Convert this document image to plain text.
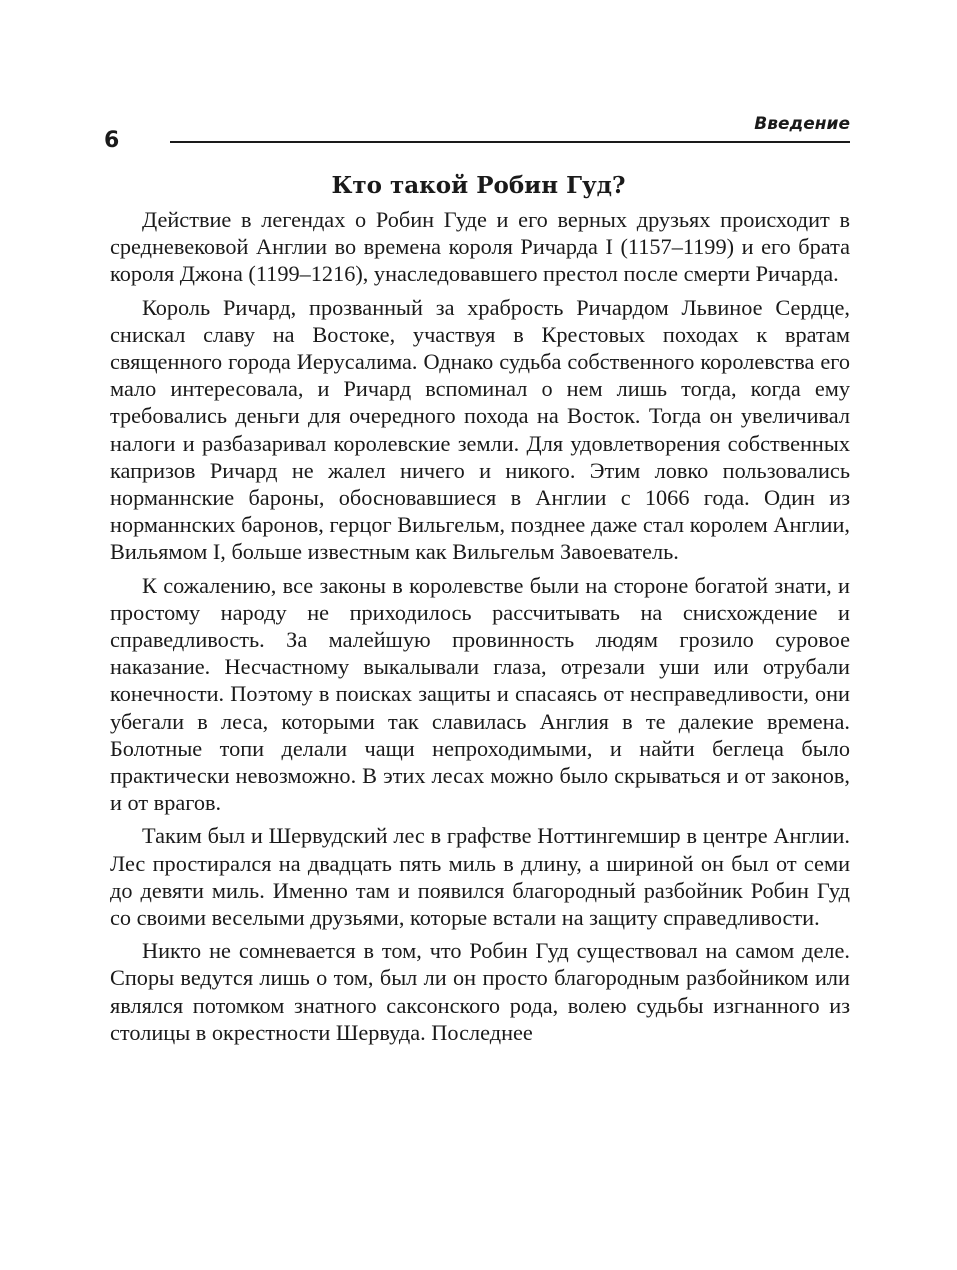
6
Введение
Кто такой Робин Гуд?

Действие в легендах о Робин Гуде и его верных друзьях происходит в средневековой Англии во времена короля Ричарда I (1157–1199) и его брата короля Джона (1199–1216), унаследовавшего престол после смерти Ричарда.

Король Ричард, прозванный за храбрость Ричардом Львиное Сердце, снискал славу на Востоке, участвуя в Крестовых походах к вратам священного города Иерусалима. Однако судьба собственного королевства его мало интересовала, и Ричард вспоминал о нем лишь тогда, когда ему требовались деньги для очередного похода на Восток. Тогда он увеличивал налоги и разбазаривал королевские земли. Для удовлетворения собственных капризов Ричард не жалел ничего и никого. Этим ловко пользовались норманнские бароны, обосновавшиеся в Англии с 1066 года. Один из норманнских баронов, герцог Вильгельм, позднее даже стал королем Англии, Вильямом I, больше известным как Вильгельм Завоеватель.

К сожалению, все законы в королевстве были на стороне богатой знати, и простому народу не приходилось рассчитывать на снисхождение и справедливость. За малейшую провинность людям грозило суровое наказание. Несчастному выкалывали глаза, отрезали уши или отрубали конечности. Поэтому в поисках защиты и спасаясь от несправедливости, они убегали в леса, которыми так славилась Англия в те далекие времена. Болотные топи делали чащи непроходимыми, и найти беглеца было практически невозможно. В этих лесах можно было скрываться и от законов, и от врагов.

Таким был и Шервудский лес в графстве Ноттингемшир в центре Англии. Лес простирался на двадцать пять миль в длину, а шириной он был от семи до девяти миль. Именно там и появился благородный разбойник Робин Гуд со своими веселыми друзьями, которые встали на защиту справедливости.

Никто не сомневается в том, что Робин Гуд существовал на самом деле. Споры ведутся лишь о том, был ли он просто благородным разбойником или являлся потомком знатного саксонского рода, волею судьбы изгнанного из столицы в окрестности Шервуда. Последнее
